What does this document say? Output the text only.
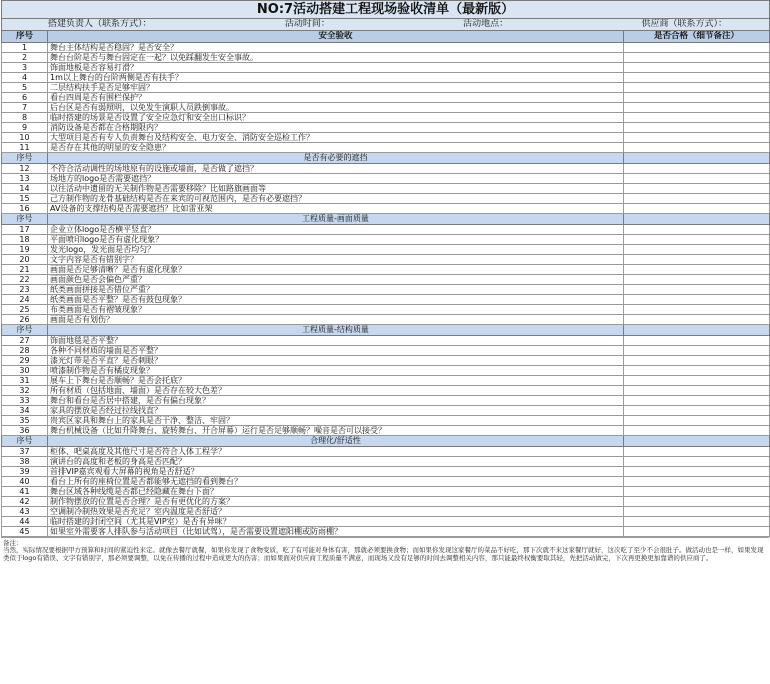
NO:7活动搭建工程现场验收清单（最新版）		

搭建负责人（联系方式）： 活动时间： 活动地点： 供应商（联系方式）：		

序号	安全验收	是否合格（细节备注）
1	舞台主体结构是否稳固？是否安全？	
2	舞台台阶是否与舞台固定在一起？以免踩翻发生安全事故。	
3	饰面地板是否容易打滑？	
4	1m以上舞台的台阶两侧是否有扶手？	
5	二层结构扶手是否足够牢固？	
6	看台四周是否有围栏保护？	
7	后台区是否有弱照明，以免发生演职人员跌倒事故。	
8	临时搭建的场景是否设置了安全应急灯和安全出口标识？	
9	消防设备是否都在合格期限内？	
10	大型项目是否有专人负责舞台及结构安全、电力安全、消防安全巡检工作？	
11	是否存在其他的明显的安全隐患？	
序号	是否有必要的遮挡	
12	不符合活动调性的场地原有的设施或墙面，是否做了遮挡？	
13	场地方的logo是否需要遮挡？	
14	以往活动中遗留的无关制作物是否需要移除？比如路旗画面等	
15	己方制作物的龙骨基础结构是否在来宾的可视范围内，是否有必要遮挡？	
16	AV设备的支撑结构是否需要遮挡？比如雷亚架	
序号	工程质量-画面质量	
17	企业立体logo是否横平竖直？	
18	平面喷印logo是否有虚化现象？	
19	发光logo，发光面是否均匀？	
20	文字内容是否有错别字？	
21	画面是否足够清晰？是否有虚化现象？	
22	画面颜色是否会偏色严重？	
23	纸类画面拼接是否错位严重？	
24	纸类画面是否平整？是否有鼓包现象？	
25	布类画面是否有褶皱现象？	
26	画面是否有划伤？	
序号	工程质量-结构质量	
27	饰面地毯是否平整？	
28	各种不同材质的墙面是否平整？	
29	漆光灯带是否平直？是否刺眼？	
30	喷漆制作物是否有橘皮现象？	
31	展车上下舞台是否顺畅？是否会托底？	
32	所有材质（包括地面、墙面）是否存在较大色差？	
33	舞台和看台是否居中搭建，是否有偏台现象？	
34	家具的摆放是否经过拉线找直？	
35	贵宾区家具和舞台上的家具是否干净、整洁、牢固？	
36	舞台机械设备（比如升降舞台、旋转舞台、开合屏幕）运行是否足够顺畅？噪音是否可以接受？	
序号	合理化/舒适性	
37	柜体、吧桌高度及其他尺寸是否符合人体工程学？	
38	演讲台的高度和老板的身高是否匹配？	
39	首排VIP嘉宾观看大屏幕的视角是否舒适？	
40	看台上所有的座椅位置是否都能够无遮挡的看到舞台？	
41	舞台区域各种线缆是否都已经隐藏在舞台下面？	
42	制作物摆放的位置是否合理？是否有更优化的方案？	
43	空调制冷制热效果是否充足？室内温度是否舒适？	
44	临时搭建的封闭空间（尤其是VIP室）是否有异味？	
45	如果室外需要客人排队参与活动项目（比如试驾），是否需要设置遮阳棚或防雨棚？	
备注：
当然，实际情况要根据甲方预算和时间的紧迫性来定。就像去餐厅就餐，如果你发现了食物变质，吃了有可能对身体有害，那就必须要换食物；而如果你发现这家餐厅的菜品不好吃，那下次就不来这家餐厅就好，这次吃了至少不会很肚子。做活动也是一样，如果发现类似于logo有错误、文字有错别字，那必须要调整，以免在传播的过程中造成更大的伤害；而如果面对供应商工程质量不满意，而现场又没有足够的时间去调整相关内容，那只能最终权衡要取其轻，先把活动做完，下次再更换更加靠谱的供应商了。
